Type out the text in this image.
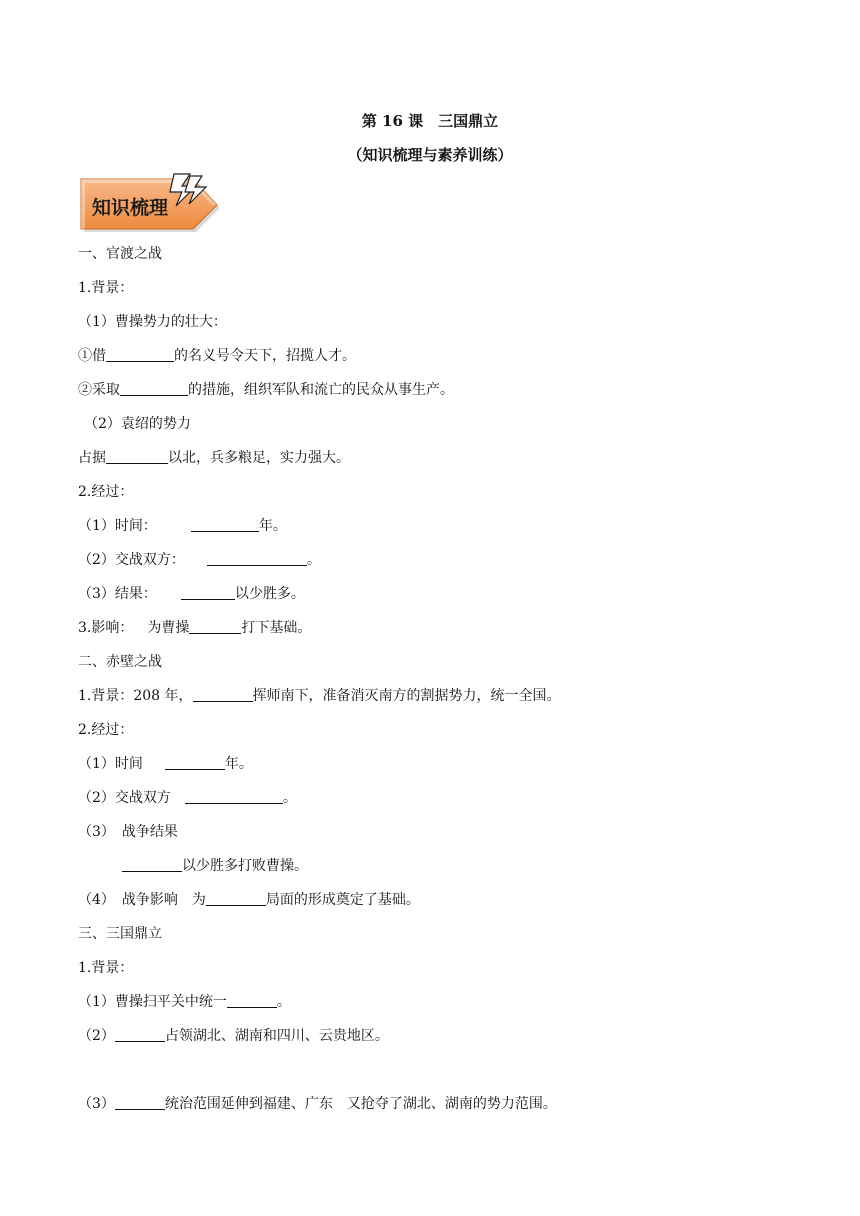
第 16 课　三国鼎立
（知识梳理与素养训练）
知识梳理
一、官渡之战
1.背景：
（1）曹操势力的壮大：
①借	的名义号令天下，招揽人才。
②采取	的措施，组织军队和流亡的民众从事生产。
（2）袁绍的势力
占据	以北，兵多粮足，实力强大。
2.经过：
（1）时间：	年。
（2）交战双方：	。
（3）结果：	以少胜多。
3.影响： 为曹操	打下基础。
二、赤壁之战
1.背景：208 年，	挥师南下，准备消灭南方的割据势力，统一全国。
2.经过：
（1）时间	年。
（2）交战双方	。
（3）　战争结果
以少胜多打败曹操。
（4）　战争影响　为	局面的形成奠定了基础。
三、三国鼎立
1.背景：
（1）曹操扫平关中统一	。
（2）	占领湖北、湖南和四川、云贵地区。
（3）	统治范围延伸到福建、广东　又抢夺了湖北、湖南的势力范围。
